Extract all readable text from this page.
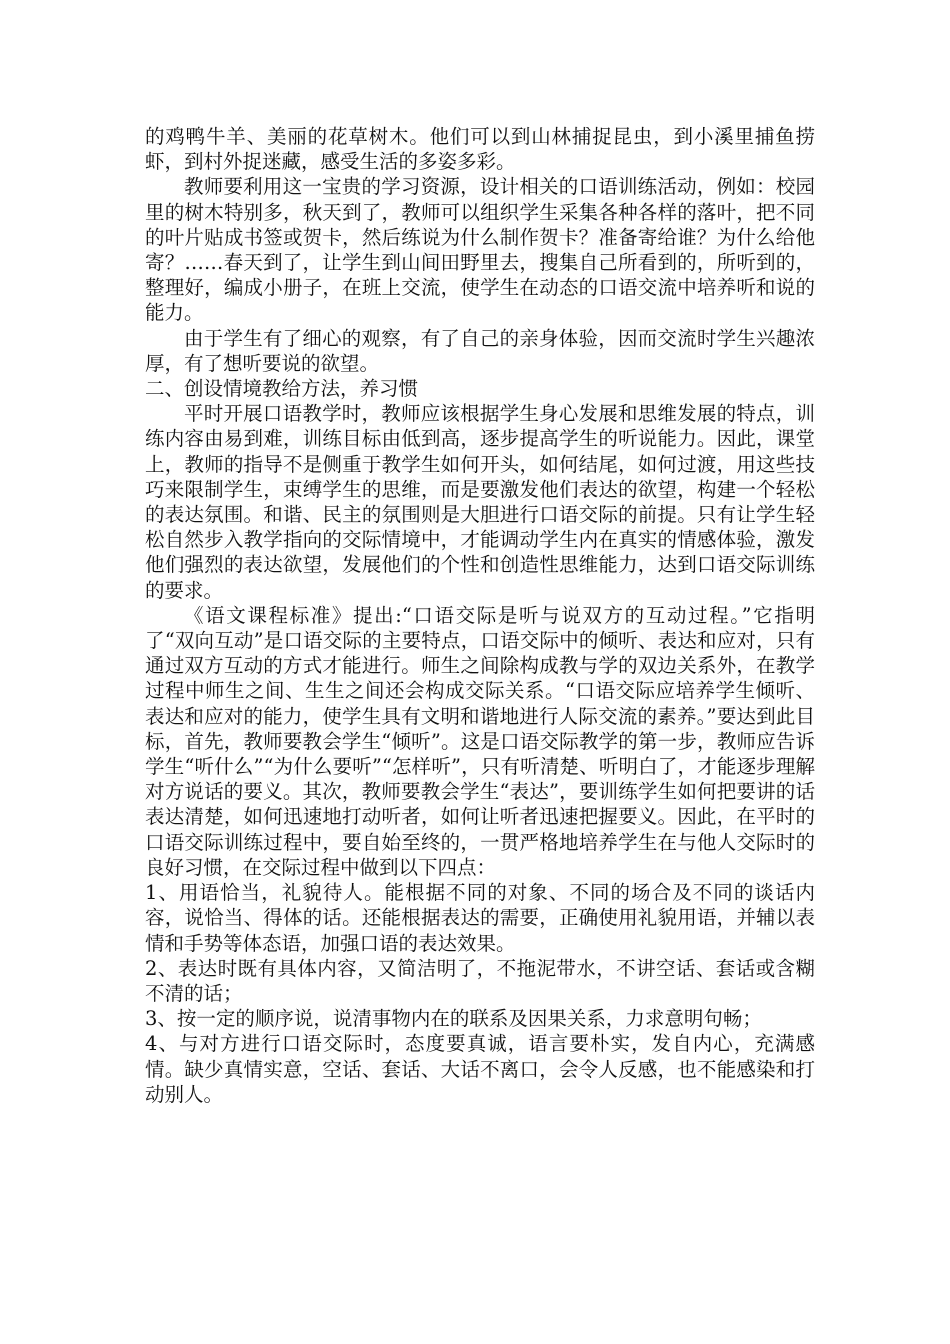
的鸡鸭牛羊、美丽的花草树木。他们可以到山林捕捉昆虫，到小溪里捕鱼捞虾，到村外捉迷藏，感受生活的多姿多彩。

教师要利用这一宝贵的学习资源，设计相关的口语训练活动，例如：校园里的树木特别多，秋天到了，教师可以组织学生采集各种各样的落叶，把不同的叶片贴成书签或贺卡，然后练说为什么制作贺卡？准备寄给谁？为什么给他寄？……春天到了，让学生到山间田野里去，搜集自己所看到的，所听到的，整理好，编成小册子，在班上交流，使学生在动态的口语交流中培养听和说的能力。

由于学生有了细心的观察，有了自己的亲身体验，因而交流时学生兴趣浓厚，有了想听要说的欲望。

二、创设情境教给方法，养习惯

平时开展口语教学时，教师应该根据学生身心发展和思维发展的特点，训练内容由易到难，训练目标由低到高，逐步提高学生的听说能力。因此，课堂上，教师的指导不是侧重于教学生如何开头，如何结尾，如何过渡，用这些技巧来限制学生，束缚学生的思维，而是要激发他们表达的欲望，构建一个轻松的表达氛围。和谐、民主的氛围则是大胆进行口语交际的前提。只有让学生轻松自然步入教学指向的交际情境中，才能调动学生内在真实的情感体验，激发他们强烈的表达欲望，发展他们的个性和创造性思维能力，达到口语交际训练的要求。

《语文课程标准》提出:“口语交际是听与说双方的互动过程。”它指明了“双向互动”是口语交际的主要特点，口语交际中的倾听、表达和应对，只有通过双方互动的方式才能进行。师生之间除构成教与学的双边关系外，在教学过程中师生之间、生生之间还会构成交际关系。“口语交际应培养学生倾听、表达和应对的能力，使学生具有文明和谐地进行人际交流的素养。”要达到此目标，首先，教师要教会学生“倾听”。这是口语交际教学的第一步，教师应告诉学生“听什么”“为什么要听”“怎样听”，只有听清楚、听明白了，才能逐步理解对方说话的要义。其次，教师要教会学生“表达”，要训练学生如何把要讲的话表达清楚，如何迅速地打动听者，如何让听者迅速把握要义。因此，在平时的口语交际训练过程中，要自始至终的，一贯严格地培养学生在与他人交际时的良好习惯，在交际过程中做到以下四点：

1、用语恰当，礼貌待人。能根据不同的对象、不同的场合及不同的谈话内容，说恰当、得体的话。还能根据表达的需要，正确使用礼貌用语，并辅以表情和手势等体态语，加强口语的表达效果。

2、表达时既有具体内容，又简洁明了，不拖泥带水，不讲空话、套话或含糊不清的话；

3、按一定的顺序说，说清事物内在的联系及因果关系，力求意明句畅；

4、与对方进行口语交际时，态度要真诚，语言要朴实，发自内心，充满感情。缺少真情实意，空话、套话、大话不离口，会令人反感，也不能感染和打动别人。
